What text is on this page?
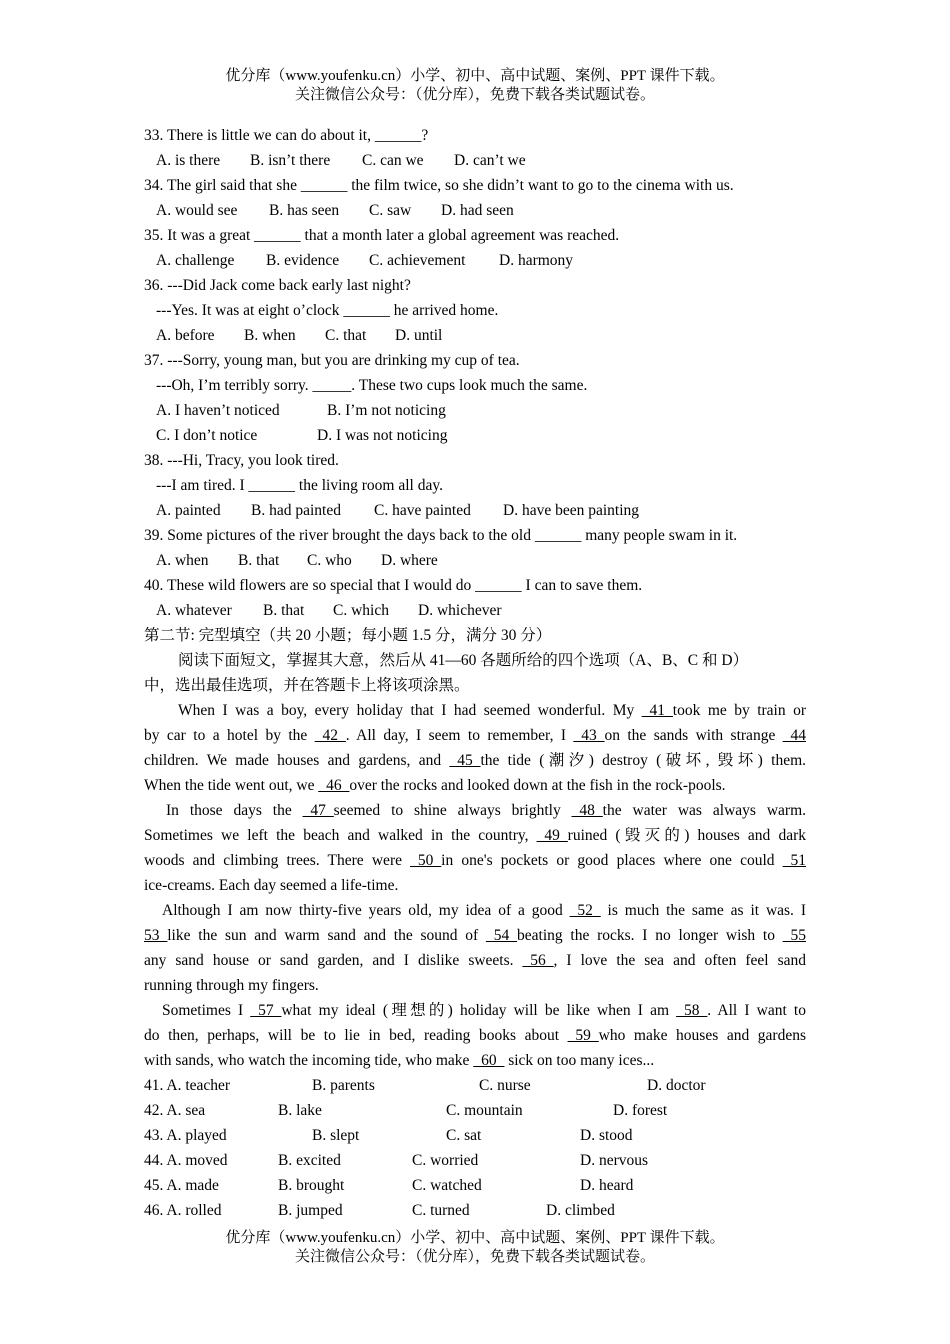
优分库（www.youfenku.cn）小学、初中、高中试题、案例、PPT 课件下载。
关注微信公众号：（优分库），免费下载各类试题试卷。
33. There is little we can do about it, ______?
A. is there B. isn’t there C. can we D. can’t we
34. The girl said that she ______ the film twice, so she didn’t want to go to the cinema with us.
A. would see B. has seen C. saw D. had seen
35. It was a great ______ that a month later a global agreement was reached.
A. challenge B. evidence C. achievement D. harmony
36. ---Did Jack come back early last night?
---Yes. It was at eight o’clock ______ he arrived home.
A. before B. when C. that D. until
37. ---Sorry, young man, but you are drinking my cup of tea.
---Oh, I’m terribly sorry. _____. These two cups look much the same.
A. I haven’t noticed	B. I’m not noticing
C. I don’t notice	D. I was not noticing
38. ---Hi, Tracy, you look tired.
---I am tired. I ______ the living room all day.
A. painted B. had painted C. have painted D. have been painting
39. Some pictures of the river brought the days back to the old ______ many people swam in it.
A. when B. that C. who D. where
40. These wild flowers are so special that I would do ______ I can to save them.
A. whatever B. that C. which D. whichever
第二节: 完型填空（共 20 小题；每小题 1.5 分，满分 30 分）
阅读下面短文，掌握其大意，然后从 41—60 各题所给的四个选项（A、B、C 和 D）
中，选出最佳选项，并在答题卡上将该项涂黑。
When I was a boy, every holiday that I had seemed wonderful. My _41_took me by train or
by car to a hotel by the _42_. All day, I seem to remember, I _43_on the sands with strange _44
children. We made houses and gardens, and _45_the tide (潮汐) destroy (破坏, 毁坏) them.
When the tide went out, we _46_over the rocks and looked down at the fish in the rock-pools.
In those days the _47_seemed to shine always brightly _48_the water was always warm.
Sometimes we left the beach and walked in the country, _49_ruined (毁灭的) houses and dark
woods and climbing trees. There were _50_in one's pockets or good places where one could _51
ice-creams. Each day seemed a life-time.
Although I am now thirty-five years old, my idea of a good _52_ is much the same as it was. I
53_like the sun and warm sand and the sound of _54_beating the rocks. I no longer wish to _55
any sand house or sand garden, and I dislike sweets. _56_, I love the sea and often feel sand
running through my fingers.
Sometimes I _57_what my ideal (理想的) holiday will be like when I am _58_. All I want to
do then, perhaps, will be to lie in bed, reading books about _59_who make houses and gardens
with sands, who watch the incoming tide, who make _60_ sick on too many ices...
41. A. teacher	B. parents	C. nurse	D. doctor
42. A. sea	B. lake	C. mountain	D. forest
43. A. played	B. slept	C. sat	D. stood
44. A. moved	B. excited	C. worried	D. nervous
45. A. made	B. brought	C. watched	D. heard
46. A. rolled	B. jumped	C. turned	D. climbed
优分库（www.youfenku.cn）小学、初中、高中试题、案例、PPT 课件下载。
关注微信公众号：（优分库），免费下载各类试题试卷。
